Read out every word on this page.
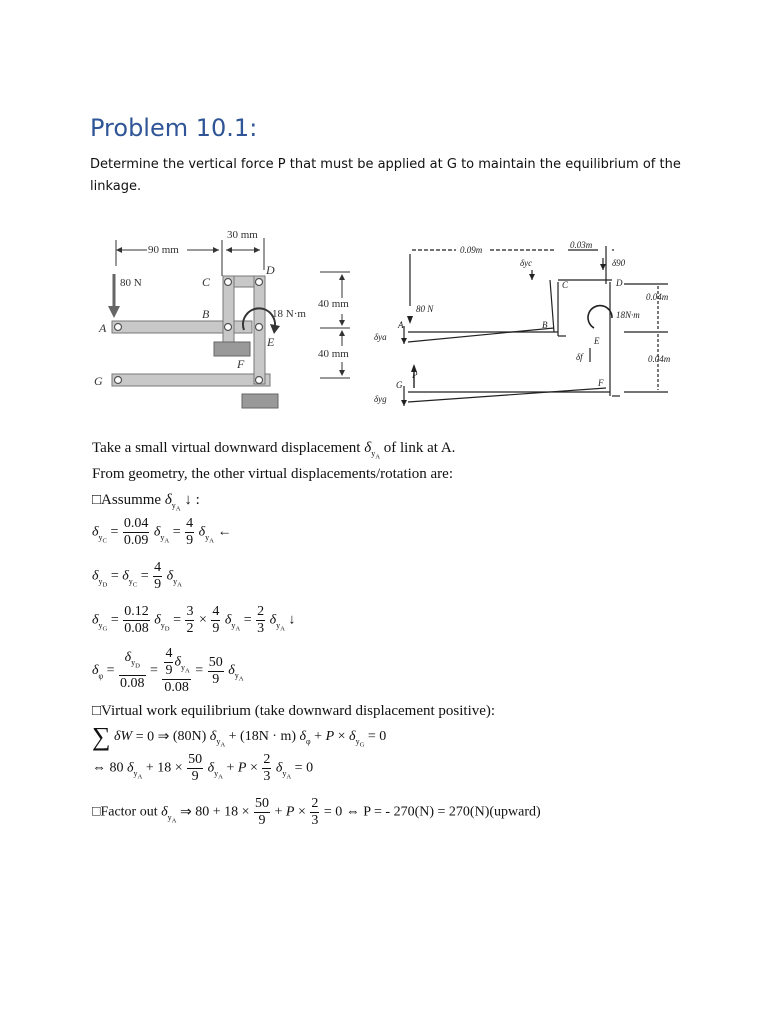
Problem 10.1:

Determine the vertical force P that must be applied at G to maintain the equilibrium of the linkage.

90 mm
30 mm
40 mm
40 mm
80 N
18 N·m
A
B
C
D
E
F
G
0.09m	0.03m
0.04m
0.04m
80 N
18N·m
P
A
C	D
E
F
G
B
δyc	δ90
δya
δyg
δf

Take a small virtual downward displacement $\delta_{y_A}$ of link at A.

From geometry, the other virtual displacements/rotation are:

□Assumme $\delta_{y_A}$ ↓ :

$\delta_{y_C} = \frac{0.04}{0.09} \delta_{y_A} = \frac{4}{9} \delta_{y_A}$ ←
$\delta_{y_D} = \delta_{y_C} = \frac{4}{9} \delta_{y_A}$
$\delta_{y_G} = \frac{0.12}{0.08} \delta_{y_D} = \frac{3}{2} \times \frac{4}{9} \delta_{y_A} = \frac{2}{3} \delta_{y_A}$ ↓
$\delta_\varphi = \frac{\delta_{y_D}}{0.08} = \frac{\frac{4}{9} \delta_{y_A}}{0.08} = \frac{50}{9} \delta_{y_A}$

□Virtual work equilibrium (take downward displacement positive):

∑ δW = 0 ⇒ (80N) $\delta_{y_A} + (18N \cdot m) \delta_\varphi + P \times \delta_{y_G} = 0$
⇔ 80 $\delta_{y_A} + 18 \times \frac{50}{9} \delta_{y_A} + P \times \frac{2}{3} \delta_{y_A} = 0$
□Factor out $\delta_{y_A}$ ⇒ $80 + 18 \times \frac{50}{9} + P \times \frac{2}{3} = 0$ ⇔ P = - 270(N) = 270(N)(upward)
